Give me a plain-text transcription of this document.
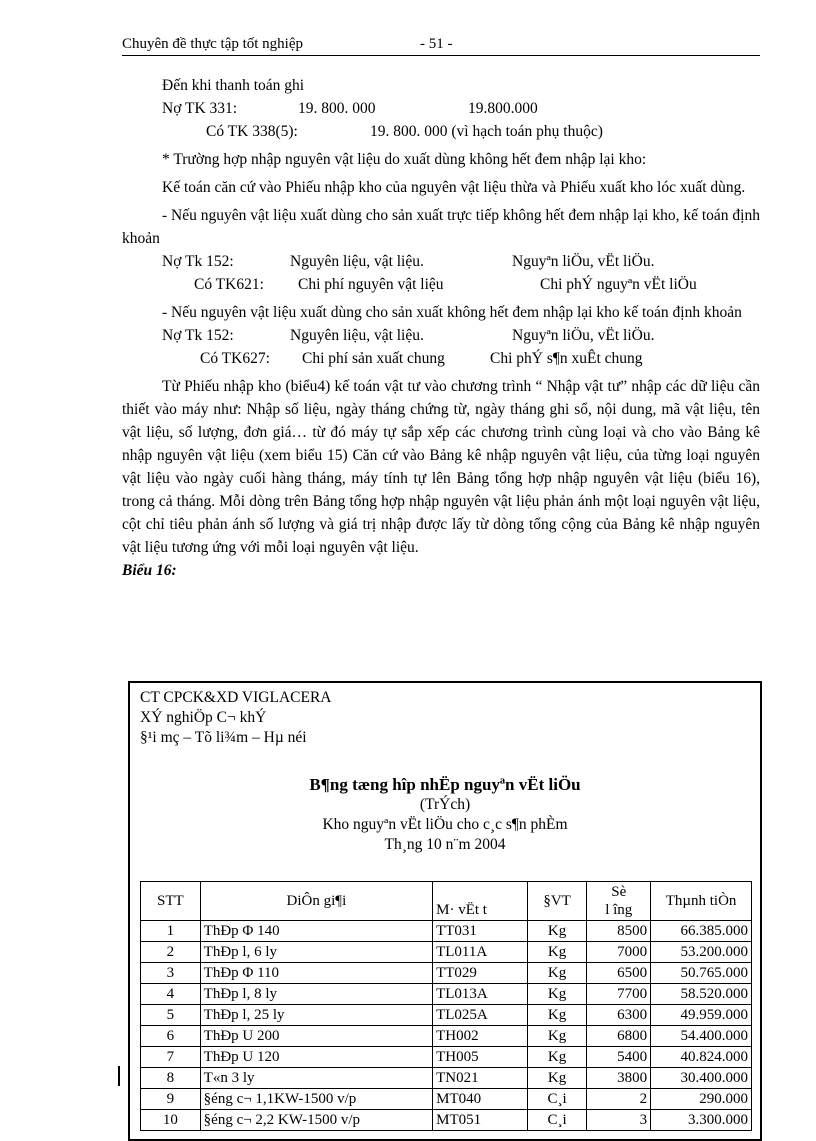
Chuyên đề thực tập tốt nghiệp	- 51 -
Đến khi thanh toán ghi
Nợ TK 331:	19. 800. 000	19.800.000
Có TK 338(5):	19. 800. 000 (vì hạch toán phụ thuộc)

* Trường hợp nhập nguyên vật liệu do xuất dùng không hết đem nhập lại kho:

Kế toán căn cứ vào Phiếu nhập kho của nguyên vật liệu thừa và Phiếu xuất kho lóc xuất dùng.

- Nếu nguyên vật liệu xuất dùng cho sản xuất trực tiếp không hết đem nhập lại kho, kế toán định khoản

Nợ Tk 152:	Nguyên liệu, vật liệu.	Nguyªn liÖu, vËt liÖu.
Có TK621: Chi phí nguyên vật liệu	Chi phÝ nguyªn vËt liÖu

- Nếu nguyên vật liệu xuất dùng cho sản xuất không hết đem nhập lại kho kế toán định khoản

Nợ Tk 152:	Nguyên liệu, vật liệu.	Nguyªn liÖu, vËt liÖu.
Có TK627: Chi phí sản xuất chung	Chi phÝ s¶n xuÊt chung

Từ Phiếu nhập kho (biểu4) kế toán vật tư vào chương trình “ Nhập vật tư” nhập các dữ liệu cần thiết vào máy như: Nhập số liệu, ngày tháng chứng từ, ngày tháng ghi sổ, nội dung, mã vật liệu, tên vật liệu, số lượng, đơn giá… từ đó máy tự sắp xếp các chương trình cùng loại và cho vào Bảng kê nhập nguyên vật liệu (xem biểu 15) Căn cứ vào Bảng kê nhập nguyên vật liệu, của từng loại nguyên vật liệu vào ngày cuối hàng tháng, máy tính tự lên Bảng tổng hợp nhập nguyên vật liệu (biểu 16), trong cả tháng. Mỗi dòng trên Bảng tổng hợp nhập nguyên vật liệu phản ánh một loại nguyên vật liệu, cột chỉ tiêu phản ánh số lượng và giá trị nhập được lấy từ dòng tổng cộng của Bảng kê nhập nguyên vật liệu tương ứng với mỗi loại nguyên vật liệu.

Biểu 16:
CT CPCK&XD VIGLACERA
XÝ nghiÖp C¬ khÝ
§¹i mç – Tõ li¾m – Hµ néi
B¶ng tæng hîp nhËp nguyªn vËt liÖu
(TrÝch)
Kho nguyªn vËt liÖu cho c¸c s¶n phÈm
Th¸ng 10 n¨m 2004
STT	DiÔn gi¶i	M· vËt t	§VT	Sè
l îng	Thµnh tiÒn
1	ThÐp Φ 140	TT031	Kg	8500	66.385.000
2	ThÐp l, 6 ly	TL011A	Kg	7000	53.200.000
3	ThÐp Φ 110	TT029	Kg	6500	50.765.000
4	ThÐp l, 8 ly	TL013A	Kg	7700	58.520.000
5	ThÐp l, 25 ly	TL025A	Kg	6300	49.959.000
6	ThÐp U 200	TH002	Kg	6800	54.400.000
7	ThÐp U 120	TH005	Kg	5400	40.824.000
8	T«n 3 ly	TN021	Kg	3800	30.400.000
9	§éng c¬ 1,1KW-1500 v/p	MT040	C¸i	2	290.000
10	§éng c¬ 2,2 KW-1500 v/p	MT051	C¸i	3	3.300.000
